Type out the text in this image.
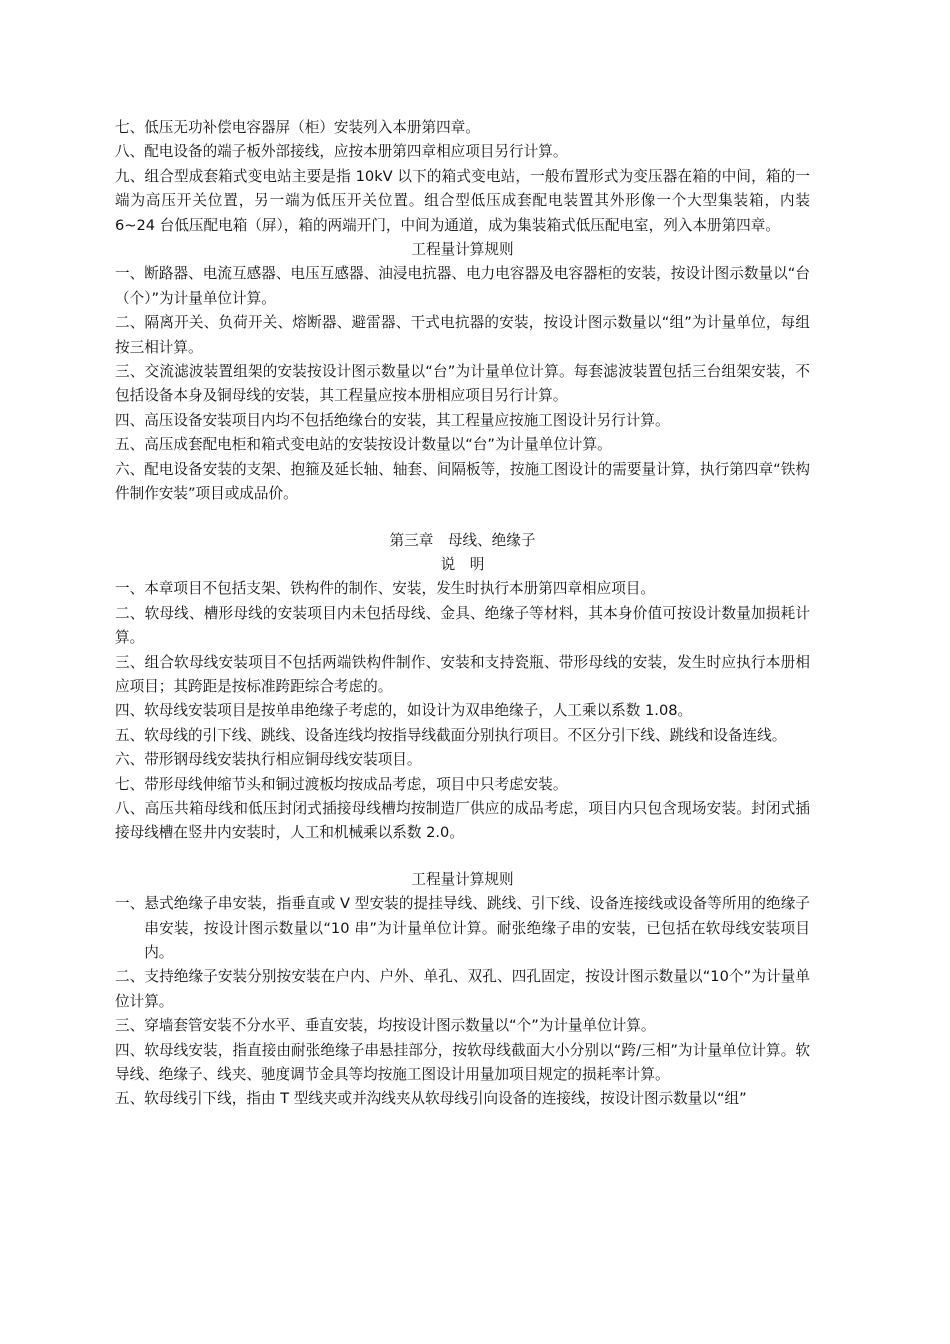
七、低压无功补偿电容器屏（柜）安装列入本册第四章。

八、配电设备的端子板外部接线，应按本册第四章相应项目另行计算。

九、组合型成套箱式变电站主要是指 10kV 以下的箱式变电站，一般布置形式为变压器在箱的中间，箱的一端为高压开关位置，另一端为低压开关位置。组合型低压成套配电装置其外形像一个大型集装箱，内装 6~24 台低压配电箱（屏），箱的两端开门，中间为通道，成为集装箱式低压配电室，列入本册第四章。

工程量计算规则

一、断路器、电流互感器、电压互感器、油浸电抗器、电力电容器及电容器柜的安装，按设计图示数量以“台（个）”为计量单位计算。

二、隔离开关、负荷开关、熔断器、避雷器、干式电抗器的安装，按设计图示数量以“组”为计量单位，每组按三相计算。

三、交流滤波装置组架的安装按设计图示数量以“台”为计量单位计算。每套滤波装置包括三台组架安装，不包括设备本身及铜母线的安装，其工程量应按本册相应项目另行计算。

四、高压设备安装项目内均不包括绝缘台的安装，其工程量应按施工图设计另行计算。

五、高压成套配电柜和箱式变电站的安装按设计数量以“台”为计量单位计算。

六、配电设备安装的支架、抱箍及延长轴、轴套、间隔板等，按施工图设计的需要量计算，执行第四章“铁构件制作安装”项目或成品价。

第三章　母线、绝缘子

说　明

一、本章项目不包括支架、铁构件的制作、安装，发生时执行本册第四章相应项目。

二、软母线、槽形母线的安装项目内未包括母线、金具、绝缘子等材料，其本身价值可按设计数量加损耗计算。

三、组合软母线安装项目不包括两端铁构件制作、安装和支持瓷瓶、带形母线的安装，发生时应执行本册相应项目；其跨距是按标准跨距综合考虑的。

四、软母线安装项目是按单串绝缘子考虑的，如设计为双串绝缘子，人工乘以系数 1.08。

五、软母线的引下线、跳线、设备连线均按指导线截面分别执行项目。不区分引下线、跳线和设备连线。

六、带形钢母线安装执行相应铜母线安装项目。

七、带形母线伸缩节头和铜过渡板均按成品考虑，项目中只考虑安装。

八、高压共箱母线和低压封闭式插接母线槽均按制造厂供应的成品考虑，项目内只包含现场安装。封闭式插接母线槽在竖井内安装时，人工和机械乘以系数 2.0。

工程量计算规则

一、悬式绝缘子串安装，指垂直或 V 型安装的提挂导线、跳线、引下线、设备连接线或设备等所用的绝缘子串安装，按设计图示数量以“10 串”为计量单位计算。耐张绝缘子串的安装，已包括在软母线安装项目内。

二、支持绝缘子安装分别按安装在户内、户外、单孔、双孔、四孔固定，按设计图示数量以“10个”为计量单位计算。

三、穿墙套管安装不分水平、垂直安装，均按设计图示数量以“个”为计量单位计算。

四、软母线安装，指直接由耐张绝缘子串悬挂部分，按软母线截面大小分别以“跨/三相”为计量单位计算。软导线、绝缘子、线夹、驰度调节金具等均按施工图设计用量加项目规定的损耗率计算。

五、软母线引下线，指由 T 型线夹或并沟线夹从软母线引向设备的连接线，按设计图示数量以“组”
